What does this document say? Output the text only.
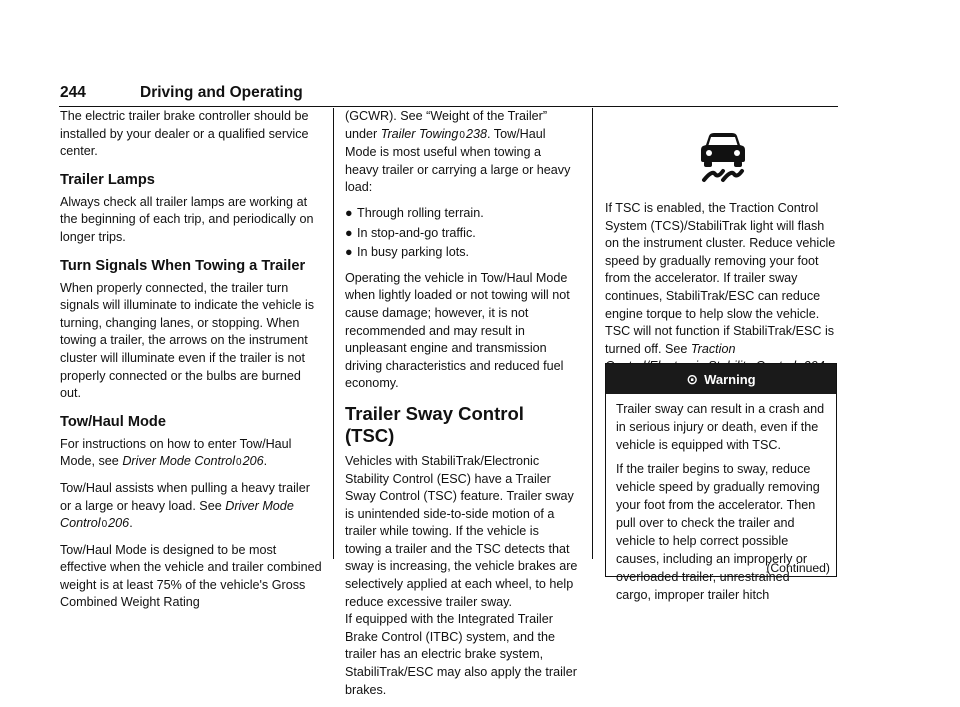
244	Driving and Operating

The electric trailer brake controller should be installed by your dealer or a qualified service center.

Trailer Lamps

Always check all trailer lamps are working at the beginning of each trip, and periodically on longer trips.

Turn Signals When Towing a Trailer

When properly connected, the trailer turn signals will illuminate to indicate the vehicle is turning, changing lanes, or stopping. When towing a trailer, the arrows on the instrument cluster will illuminate even if the trailer is not properly connected or the bulbs are burned out.

Tow/Haul Mode

For instructions on how to enter Tow/Haul Mode, see Driver Mode Control0206.

Tow/Haul assists when pulling a heavy trailer or a large or heavy load. See Driver Mode Control0206.

Tow/Haul Mode is designed to be most effective when the vehicle and trailer combined weight is at least 75% of the vehicle's Gross Combined Weight Rating

(GCWR). See “Weight of the Trailer” under Trailer Towing0238. Tow/Haul Mode is most useful when towing a heavy trailer or carrying a large or heavy load:

● Through rolling terrain.
● In stop-and-go traffic.
● In busy parking lots.

Operating the vehicle in Tow/Haul Mode when lightly loaded or not towing will not cause damage; however, it is not recommended and may result in unpleasant engine and transmission driving characteristics and reduced fuel economy.

Trailer Sway Control (TSC)

Vehicles with StabiliTrak/Electronic Stability Control (ESC) have a Trailer Sway Control (TSC) feature. Trailer sway is unintended side-to-side motion of a trailer while towing. If the vehicle is towing a trailer and the TSC detects that sway is increasing, the vehicle brakes are selectively applied at each wheel, to help reduce excessive trailer sway.

If equipped with the Integrated Trailer Brake Control (ITBC) system, and the trailer has an electric brake system, StabiliTrak/ESC may also apply the trailer brakes.

If TSC is enabled, the Traction Control System (TCS)/StabiliTrak light will flash on the instrument cluster. Reduce vehicle speed by gradually removing your foot from the accelerator. If trailer sway continues, StabiliTrak/ESC can reduce engine torque to help slow the vehicle. TSC will not function if StabiliTrak/ESC is turned off. See Traction

⊙ Warning

Trailer sway can result in a crash and in serious injury or death, even if the vehicle is equipped with TSC.

If the trailer begins to sway, reduce vehicle speed by gradually removing your foot from the accelerator. Then pull over to check the trailer and vehicle to help correct possible causes, including an improperly or overloaded trailer, unrestrained cargo, improper trailer hitch

(Continued)
